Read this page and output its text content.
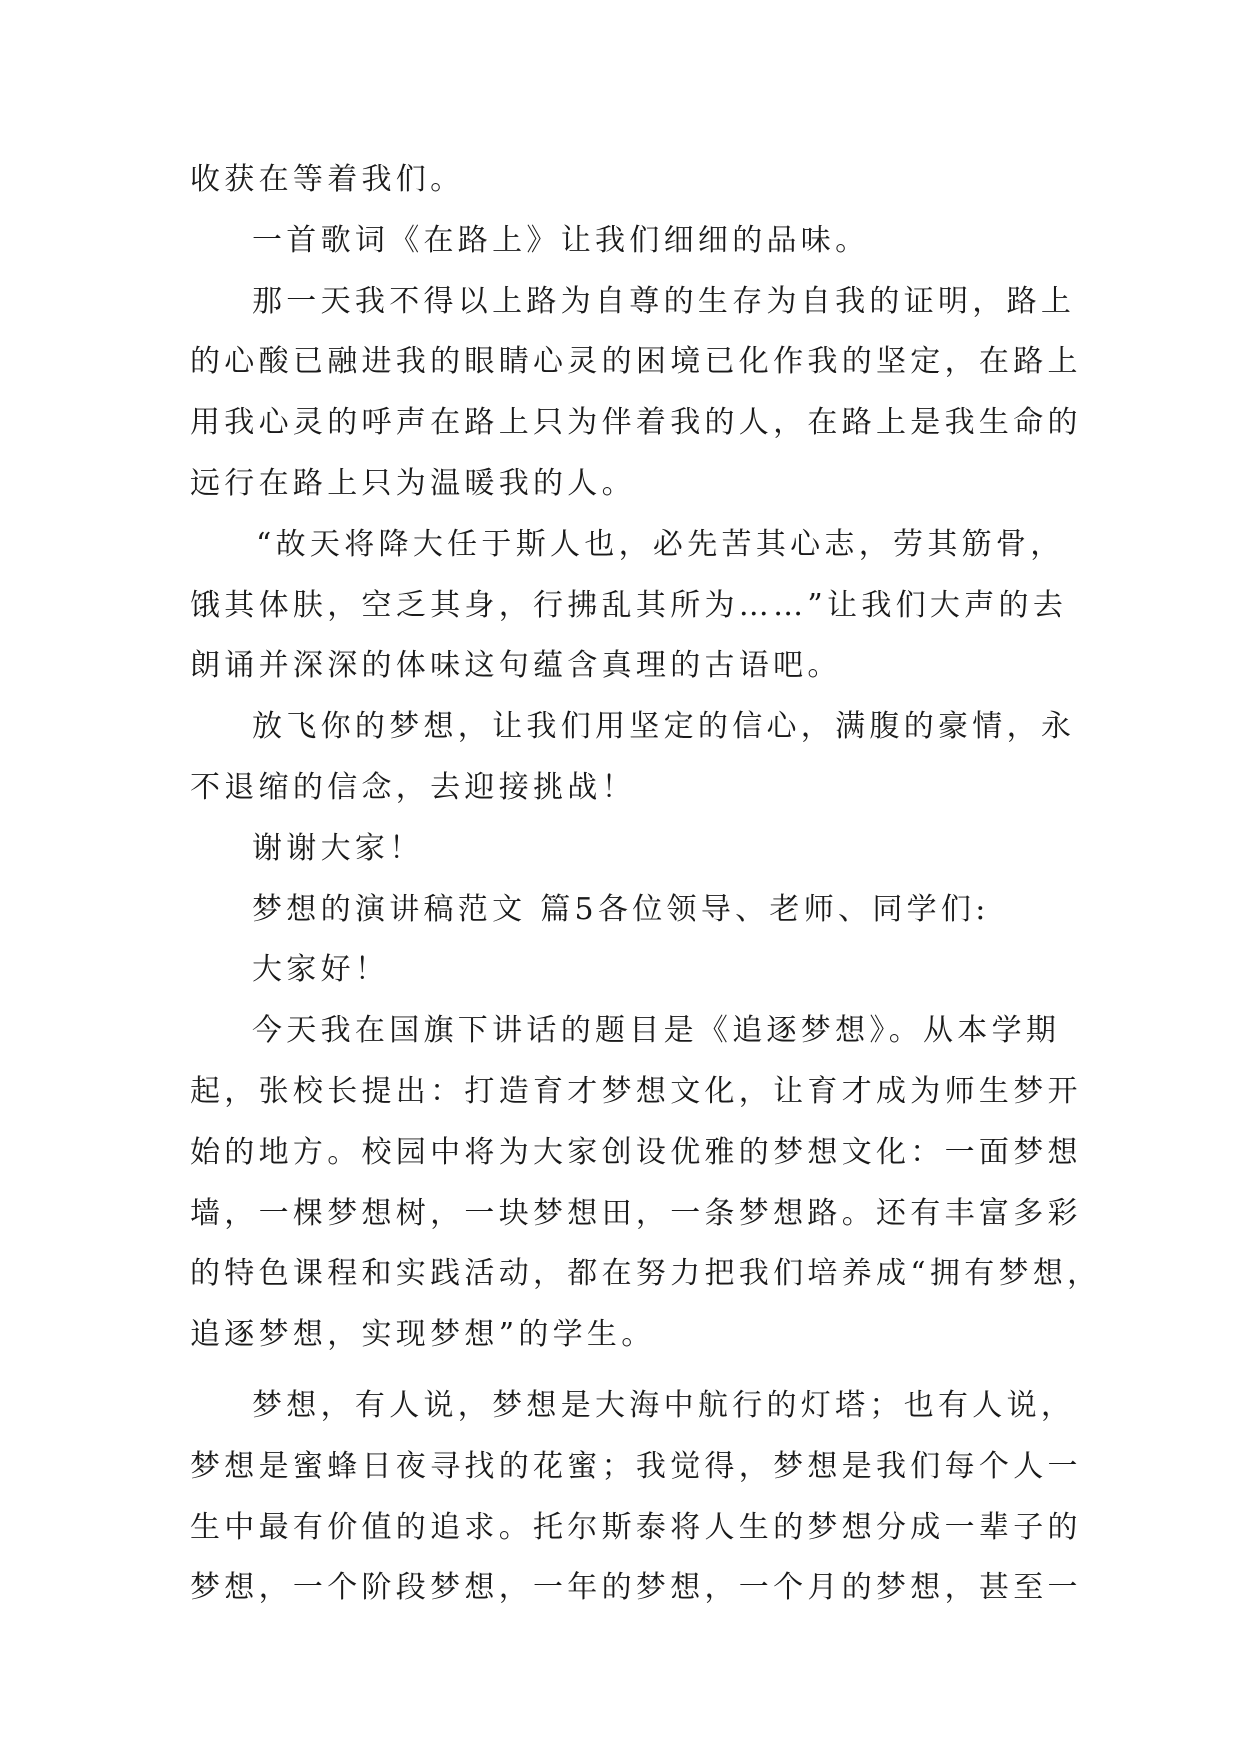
收获在等着我们。
一首歌词《在路上》让我们细细的品味。
那一天我不得以上路为自尊的生存为自我的证明，路上
的心酸已融进我的眼睛心灵的困境已化作我的坚定，在路上
用我心灵的呼声在路上只为伴着我的人，在路上是我生命的
远行在路上只为温暖我的人。
“故天将降大任于斯人也，必先苦其心志，劳其筋骨，
饿其体肤，空乏其身，行拂乱其所为……”让我们大声的去
朗诵并深深的体味这句蕴含真理的古语吧。
放飞你的梦想，让我们用坚定的信心，满腹的豪情，永
不退缩的信念，去迎接挑战！
谢谢大家！
梦想的演讲稿范文 篇5各位领导、老师、同学们:
大家好！
今天我在国旗下讲话的题目是《追逐梦想》。从本学期
起，张校长提出：打造育才梦想文化，让育才成为师生梦开
始的地方。校园中将为大家创设优雅的梦想文化：一面梦想
墙，一棵梦想树，一块梦想田，一条梦想路。还有丰富多彩
的特色课程和实践活动，都在努力把我们培养成“拥有梦想，
追逐梦想，实现梦想”的学生。
梦想，有人说，梦想是大海中航行的灯塔；也有人说，
梦想是蜜蜂日夜寻找的花蜜；我觉得，梦想是我们每个人一
生中最有价值的追求。托尔斯泰将人生的梦想分成一辈子的
梦想，一个阶段梦想，一年的梦想，一个月的梦想，甚至一
